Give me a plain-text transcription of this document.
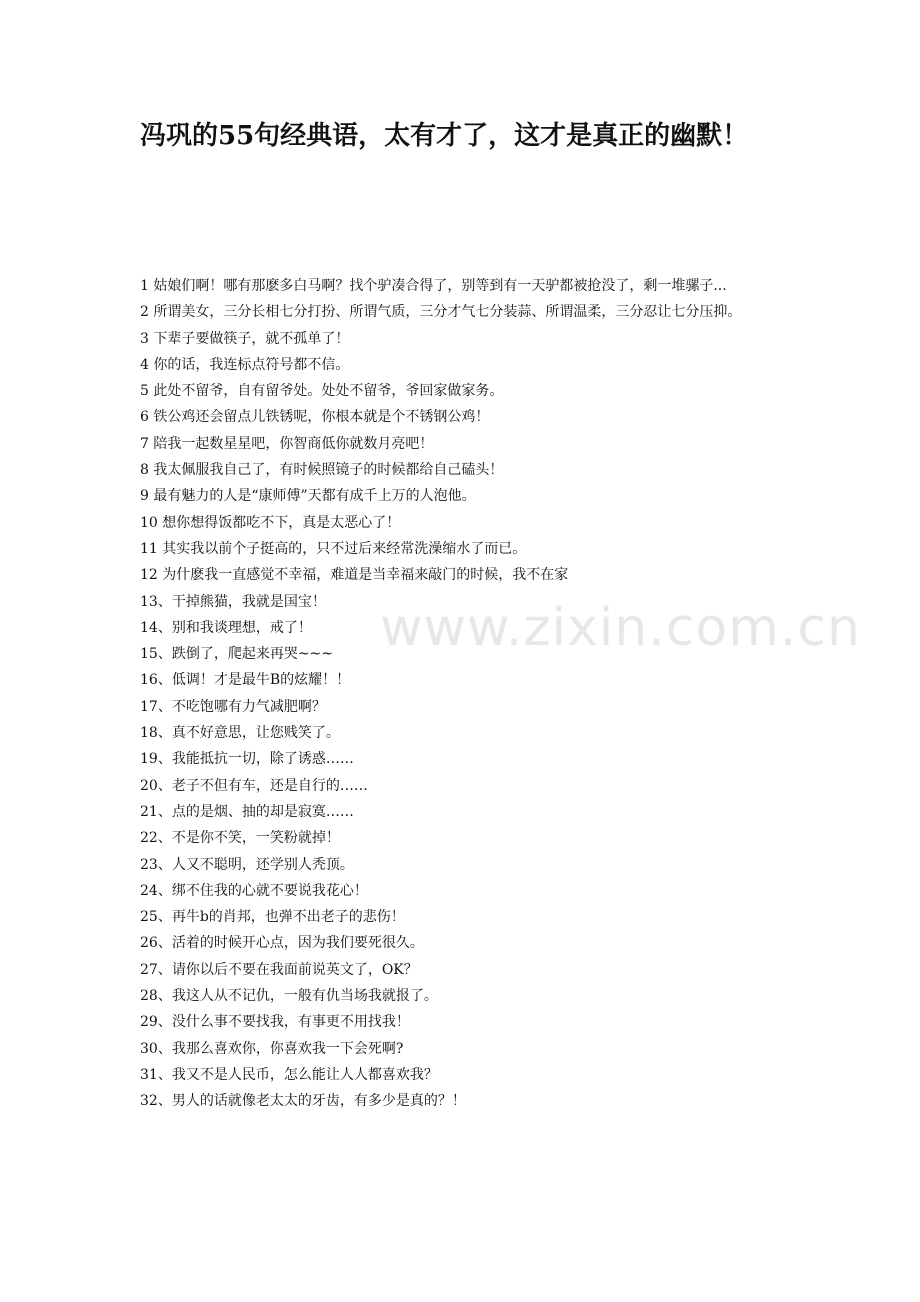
冯巩的55句经典语，太有才了，这才是真正的幽默！

1 姑娘们啊！哪有那麽多白马啊？找个驴凑合得了，别等到有一天驴都被抢没了，剩一堆骡子...

2 所谓美女，三分长相七分打扮、所谓气质，三分才气七分装蒜、所谓温柔，三分忍让七分压抑。

3 下辈子要做筷子，就不孤单了！

4 你的话，我连标点符号都不信。

5 此处不留爷，自有留爷处。处处不留爷，爷回家做家务。

6 铁公鸡还会留点儿铁锈呢，你根本就是个不锈钢公鸡！

7 陪我一起数星星吧，你智商低你就数月亮吧！

8 我太佩服我自己了，有时候照镜子的时候都给自己磕头！

9 最有魅力的人是“康师傅”天都有成千上万的人泡他。

10 想你想得饭都吃不下，真是太恶心了！

11 其实我以前个子挺高的，只不过后来经常洗澡缩水了而已。

12 为什麽我一直感觉不幸福，难道是当幸福来敲门的时候，我不在家

13、干掉熊猫，我就是国宝！

14、别和我谈理想，戒了！

15、跌倒了，爬起来再哭~~~

16、低调！才是最牛B的炫耀！！

17、不吃饱哪有力气减肥啊？

18、真不好意思，让您贱笑了。

19、我能抵抗一切，除了诱惑……

20、老子不但有车，还是自行的……

21、点的是烟、抽的却是寂寞……

22、不是你不笑，一笑粉就掉！

23、人又不聪明，还学别人秃顶。

24、绑不住我的心就不要说我花心！

25、再牛b的肖邦，也弹不出老子的悲伤！

26、活着的时候开心点，因为我们要死很久。

27、请你以后不要在我面前说英文了，OK？

28、我这人从不记仇，一般有仇当场我就报了。

29、没什么事不要找我，有事更不用找我！

30、我那么喜欢你，你喜欢我一下会死啊?

31、我又不是人民币，怎么能让人人都喜欢我？

32、男人的话就像老太太的牙齿，有多少是真的？！

www.zixin.com.cn
